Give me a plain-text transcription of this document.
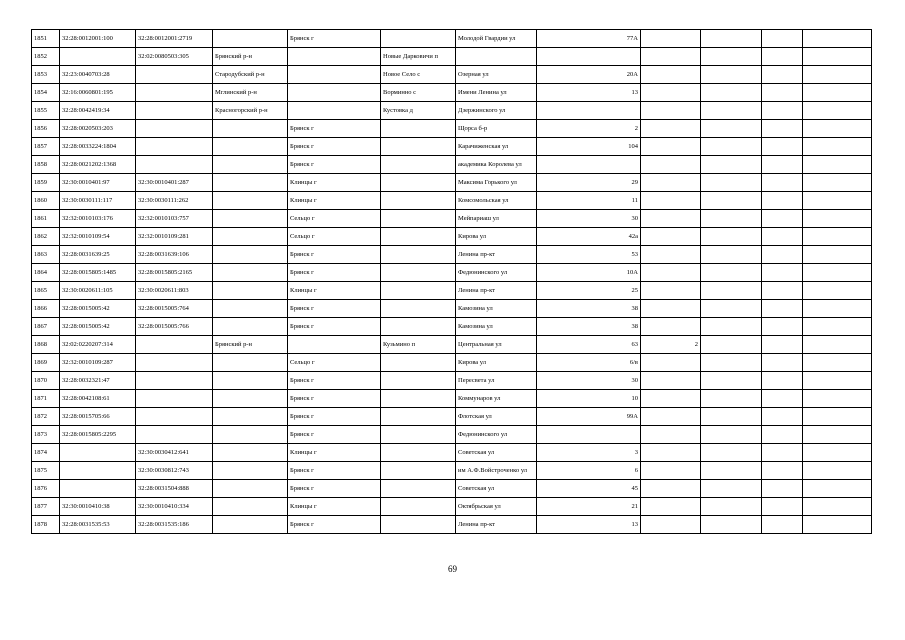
1851	32:28:0012001:100	32:28:0012001:2719		Брянск г		Молодой Гвардии ул	77А				
1852		32:02:0080503:305	Брянский р-н		Новые Дарковичи п						
1853	32:23:0040703:28		Стародубский р-н		Новое Село с	Озерная ул	20А				
1854	32:16:0060801:195		Мглинский р-н		Ворминно с	Имени Ленина ул	13				
1855	32:28:0042419:34		Красногорский р-н		Кустовка д	Дзержинского ул					
1856	32:28:0020503:203			Брянск г		Щорса б-р	2				
1857	32:28:0033224:1804			Брянск г		Карачиженская ул	104				
1858	32:28:0021202:1368			Брянск г		академика Королева ул					
1859	32:30:0010401:97	32:30:0010401:287		Клинцы г		Максима Горького ул	29				
1860	32:30:0030111:117	32:30:0030111:262		Клинцы г		Комсомольская ул	11				
1861	32:32:0010103:176	32:32:0010103:757		Сельцо г		Мейпариаш ул	30				
1862	32:32:0010109:54	32:32:0010109:281		Сельцо г		Кирова ул	42а				
1863	32:28:0031639:25	32:28:0031639:106		Брянск г		Ленина пр-кт	53				
1864	32:28:0015805:1485	32:28:0015805:2165		Брянск г		Федюнинского ул	10А				
1865	32:30:0020611:105	32:30:0020611:803		Клинцы г		Ленина пр-кт	25				
1866	32:28:0015005:42	32:28:0015005:764		Брянск г		Камозина ул	38				
1867	32:28:0015005:42	32:28:0015005:766		Брянск г		Камозина ул	38				
1868	32:02:0220207:314		Брянский р-н		Кузьмино п	Центральная ул	63	2			
1869	32:32:0010109:287			Сельцо г		Кирова ул	6/в				
1870	32:28:0032321:47			Брянск г		Пересвета ул	30				
1871	32:28:0042108:61			Брянск г		Коммунаров ул	10				
1872	32:28:0015705:66			Брянск г		Флотская ул	99А				
1873	32:28:0015805:2295			Брянск г		Федюнинского ул					
1874		32:30:0030412:641		Клинцы г		Советская ул	3				
1875		32:30:0030812:743		Брянск г		им А.Ф.Войстроченко ул	6				
1876		32:28:0031504:888		Брянск г		Советская ул	45				
1877	32:30:0010410:38	32:30:0010410:334		Клинцы г		Октябрьская ул	21				
1878	32:28:0031535:53	32:28:0031535:186		Брянск г		Ленина пр-кт	13				
69
